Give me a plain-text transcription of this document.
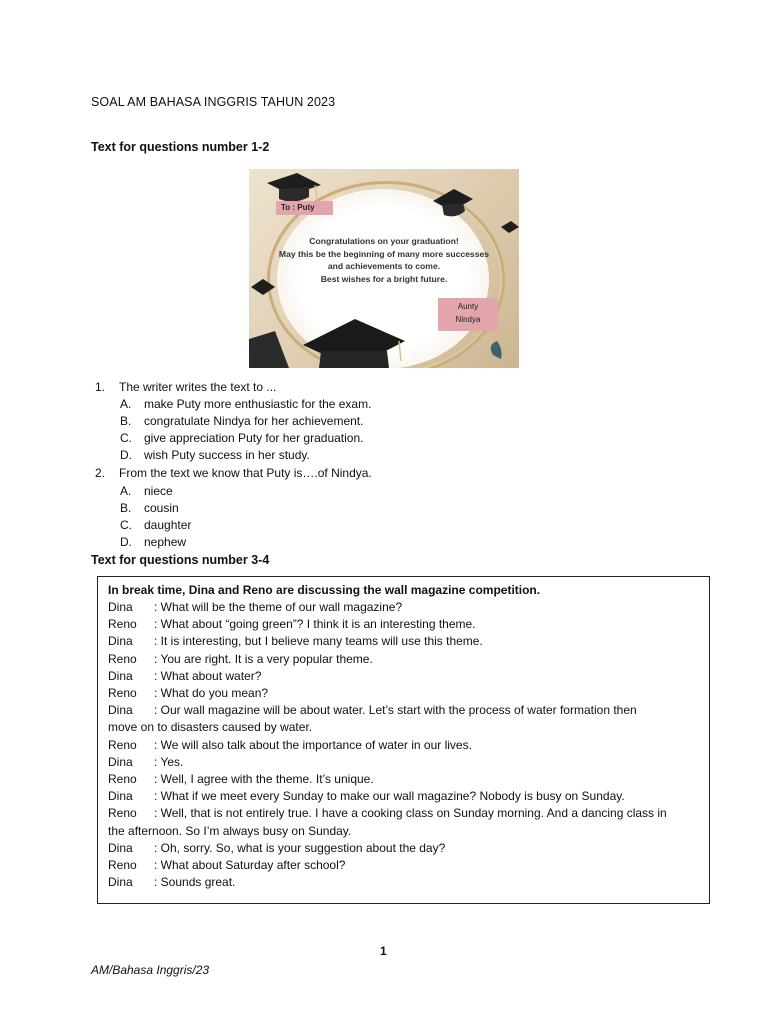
SOAL AM BAHASA INGGRIS TAHUN 2023
Text for questions number 1-2
To : Puty
Congratulations on your graduation!
May this be the beginning of many more successes
and achievements to come.
Best wishes for a bright future.
Aunty
Nindya
1. The writer writes the text to ...
A. make Puty more enthusiastic for the exam.
B. congratulate Nindya for her achievement.
C. give appreciation Puty for her graduation.
D. wish Puty success in her study.
2. From the text we know that Puty is….of Nindya.
A. niece
B. cousin
C. daughter
D. nephew
Text for questions number 3-4
In break time, Dina and Reno are discussing the wall magazine competition.
Dina : What will be the theme of our wall magazine?
Reno : What about “going green”? I think it is an interesting theme.
Dina : It is interesting, but I believe many teams will use this theme.
Reno : You are right. It is a very popular theme.
Dina : What about water?
Reno : What do you mean?
Dina : Our wall magazine will be about water. Let’s start with the process of water formation then
move on to disasters caused by water.
Reno : We will also talk about the importance of water in our lives.
Dina : Yes.
Reno : Well, I agree with the theme. It’s unique.
Dina : What if we meet every Sunday to make our wall magazine? Nobody is busy on Sunday.
Reno : Well, that is not entirely true. I have a cooking class on Sunday morning. And a dancing class in
the afternoon. So I’m always busy on Sunday.
Dina : Oh, sorry. So, what is your suggestion about the day?
Reno : What about Saturday after school?
Dina : Sounds great.
1
AM/Bahasa Inggris/23
